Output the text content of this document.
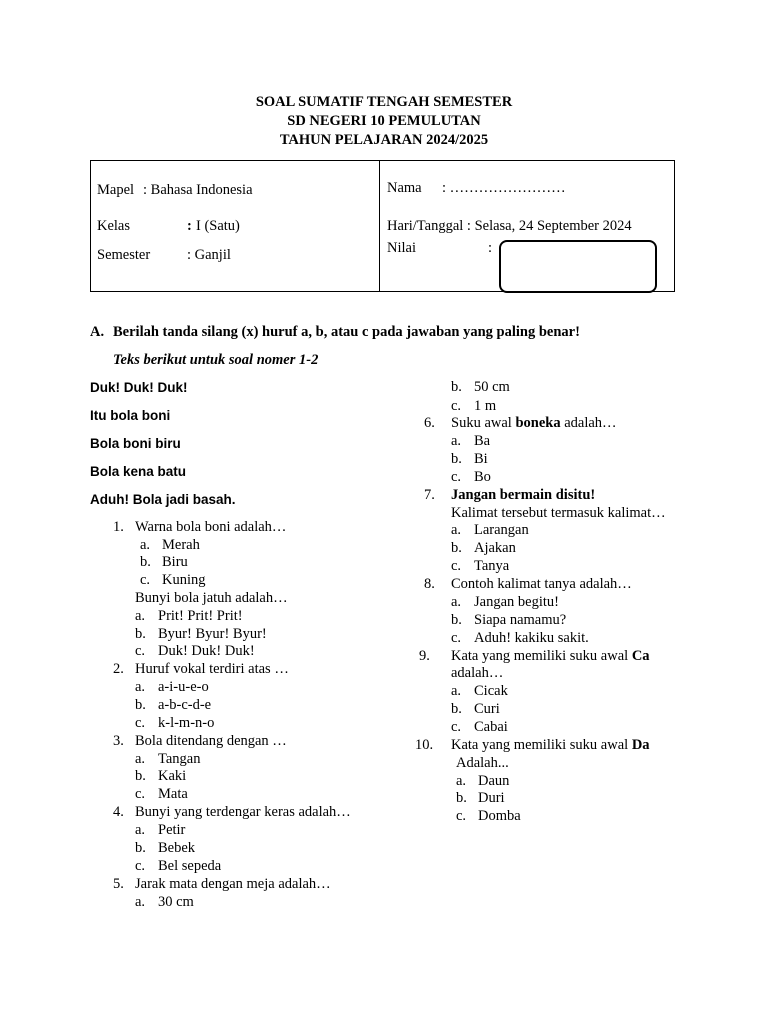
SOAL SUMATIF TENGAH SEMESTER
SD NEGERI 10 PEMULUTAN
TAHUN PELAJARAN 2024/2025
Mapel : Bahasa Indonesia
Kelas	: I (Satu)
Semester	: Ganjil
Nama : ……………………
Hari/Tanggal : Selasa, 24 September 2024
Nilai	:
A. Berilah tanda silang (x) huruf a, b, atau c pada jawaban yang paling benar!
Teks berikut untuk soal nomer 1-2
Duk! Duk! Duk!
Itu bola boni
Bola boni biru
Bola kena batu
Aduh! Bola jadi basah.
1. Warna bola boni adalah…
a. Merah
b. Biru
c. Kuning
Bunyi bola jatuh adalah…
a. Prit! Prit! Prit!
b. Byur! Byur! Byur!
c. Duk! Duk! Duk!
2. Huruf vokal terdiri atas …
a. a-i-u-e-o
b. a-b-c-d-e
c. k-l-m-n-o
3. Bola ditendang dengan …
a. Tangan
b. Kaki
c. Mata
4. Bunyi yang terdengar keras adalah…
a. Petir
b. Bebek
c. Bel sepeda
5. Jarak mata dengan meja adalah…
a. 30 cm
b. 50 cm
c. 1 m
6. Suku awal boneka adalah…
a. Ba
b. Bi
c. Bo
7. Jangan bermain disitu!
Kalimat tersebut termasuk kalimat…
a. Larangan
b. Ajakan
c. Tanya
8. Contoh kalimat tanya adalah…
a. Jangan begitu!
b. Siapa namamu?
c. Aduh! kakiku sakit.
9. Kata yang memiliki suku awal Ca
adalah…
a. Cicak
b. Curi
c. Cabai
10. Kata yang memiliki suku awal Da
Adalah...
a. Daun
b. Duri
c. Domba
